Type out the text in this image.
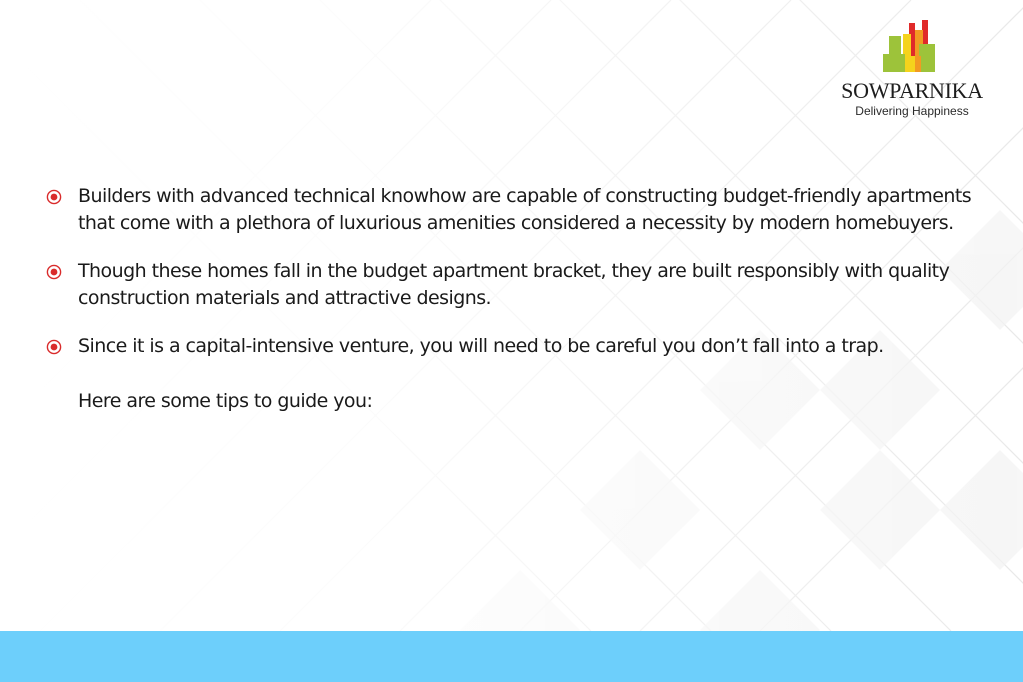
SOWPARNIKA
Delivering Happiness
Builders with advanced technical knowhow are capable of constructing budget-friendly apartments that come with a plethora of luxurious amenities considered a necessity by modern homebuyers.
Though these homes fall in the budget apartment bracket, they are built responsibly with quality construction materials and attractive designs.
Since it is a capital-intensive venture, you will need to be careful you don’t fall into a trap.
Here are some tips to guide you:
